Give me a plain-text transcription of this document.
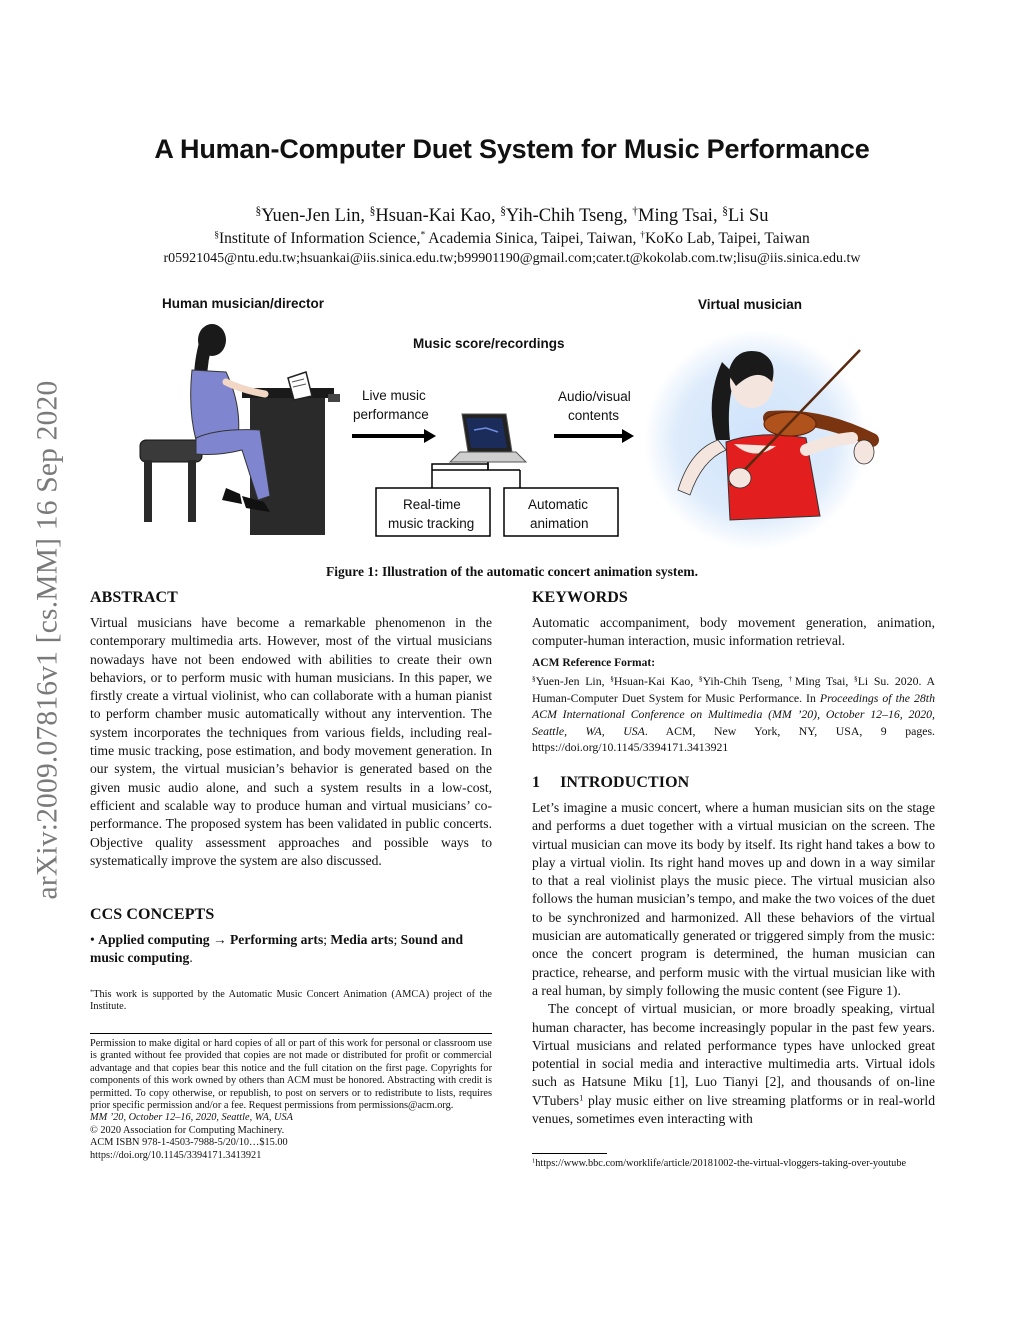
arXiv:2009.07816v1 [cs.MM] 16 Sep 2020
A Human-Computer Duet System for Music Performance
§Yuen-Jen Lin, §Hsuan-Kai Kao, §Yih-Chih Tseng, †Ming Tsai, §Li Su
§Institute of Information Science,* Academia Sinica, Taipei, Taiwan, †KoKo Lab, Taipei, Taiwan
r05921045@ntu.edu.tw;hsuankai@iis.sinica.edu.tw;b99901190@gmail.com;cater.t@kokolab.com.tw;lisu@iis.sinica.edu.tw
Human musician/director	Virtual musician
Music score/recordings
Live music
performance
Audio/visual
contents
Real-time
music tracking
Automatic
animation
Figure 1: Illustration of the automatic concert animation system.
ABSTRACT

Virtual musicians have become a remarkable phenomenon in the contemporary multimedia arts. However, most of the virtual musicians nowadays have not been endowed with abilities to create their own behaviors, or to perform music with human musicians. In this paper, we firstly create a virtual violinist, who can collaborate with a human pianist to perform chamber music automatically without any intervention. The system incorporates the techniques from various fields, including real-time music tracking, pose estimation, and body movement generation. In our system, the virtual musician’s behavior is generated based on the given music audio alone, and such a system results in a low-cost, efficient and scalable way to produce human and virtual musicians’ co-performance. The proposed system has been validated in public concerts. Objective quality assessment approaches and possible ways to systematically improve the system are also discussed.

CCS CONCEPTS
• Applied computing → Performing arts; Media arts; Sound and music computing.
*This work is supported by the Automatic Music Concert Animation (AMCA) project of the Institute.

Permission to make digital or hard copies of all or part of this work for personal or classroom use is granted without fee provided that copies are not made or distributed for profit or commercial advantage and that copies bear this notice and the full citation on the first page. Copyrights for components of this work owned by others than ACM must be honored. Abstracting with credit is permitted. To copy otherwise, or republish, to post on servers or to redistribute to lists, requires prior specific permission and/or a fee. Request permissions from permissions@acm.org.

MM ’20, October 12–16, 2020, Seattle, WA, USA

© 2020 Association for Computing Machinery.

ACM ISBN 978-1-4503-7988-5/20/10…$15.00

https://doi.org/10.1145/3394171.3413921

KEYWORDS

Automatic accompaniment, body movement generation, animation, computer-human interaction, music information retrieval.

ACM Reference Format:
§Yuen-Jen Lin, §Hsuan-Kai Kao, §Yih-Chih Tseng, †Ming Tsai, §Li Su. 2020. A Human-Computer Duet System for Music Performance. In Proceedings of the 28th ACM International Conference on Multimedia (MM ’20), October 12–16, 2020, Seattle, WA, USA. ACM, New York, NY, USA, 9 pages. https://doi.org/10.1145/3394171.3413921
1 INTRODUCTION

Let’s imagine a music concert, where a human musician sits on the stage and performs a duet together with a virtual musician on the screen. The virtual musician can move its body by itself. Its right hand takes a bow to play a virtual violin. Its right hand moves up and down in a way similar to that a real violinist plays the music piece. The virtual musician also follows the human musician’s tempo, and make the two voices of the duet to be synchronized and harmonized. All these behaviors of the virtual musician are automatically generated or triggered simply from the music: once the concert program is determined, the human musician can practice, rehearse, and perform music with the virtual musician like with a real human, by simply following the music content (see Figure 1).

The concept of virtual musician, or more broadly speaking, virtual human character, has become increasingly popular in the past few years. Virtual musicians and related performance types have unlocked great potential in social media and interactive multimedia arts. Virtual idols such as Hatsune Miku [1], Luo Tianyi [2], and thousands of on-line VTubers$^1$ play music either on live streaming platforms or in real-world venues, sometimes even interacting with

$^1$https://www.bbc.com/worklife/article/20181002-the-virtual-vloggers-taking-over-youtube
